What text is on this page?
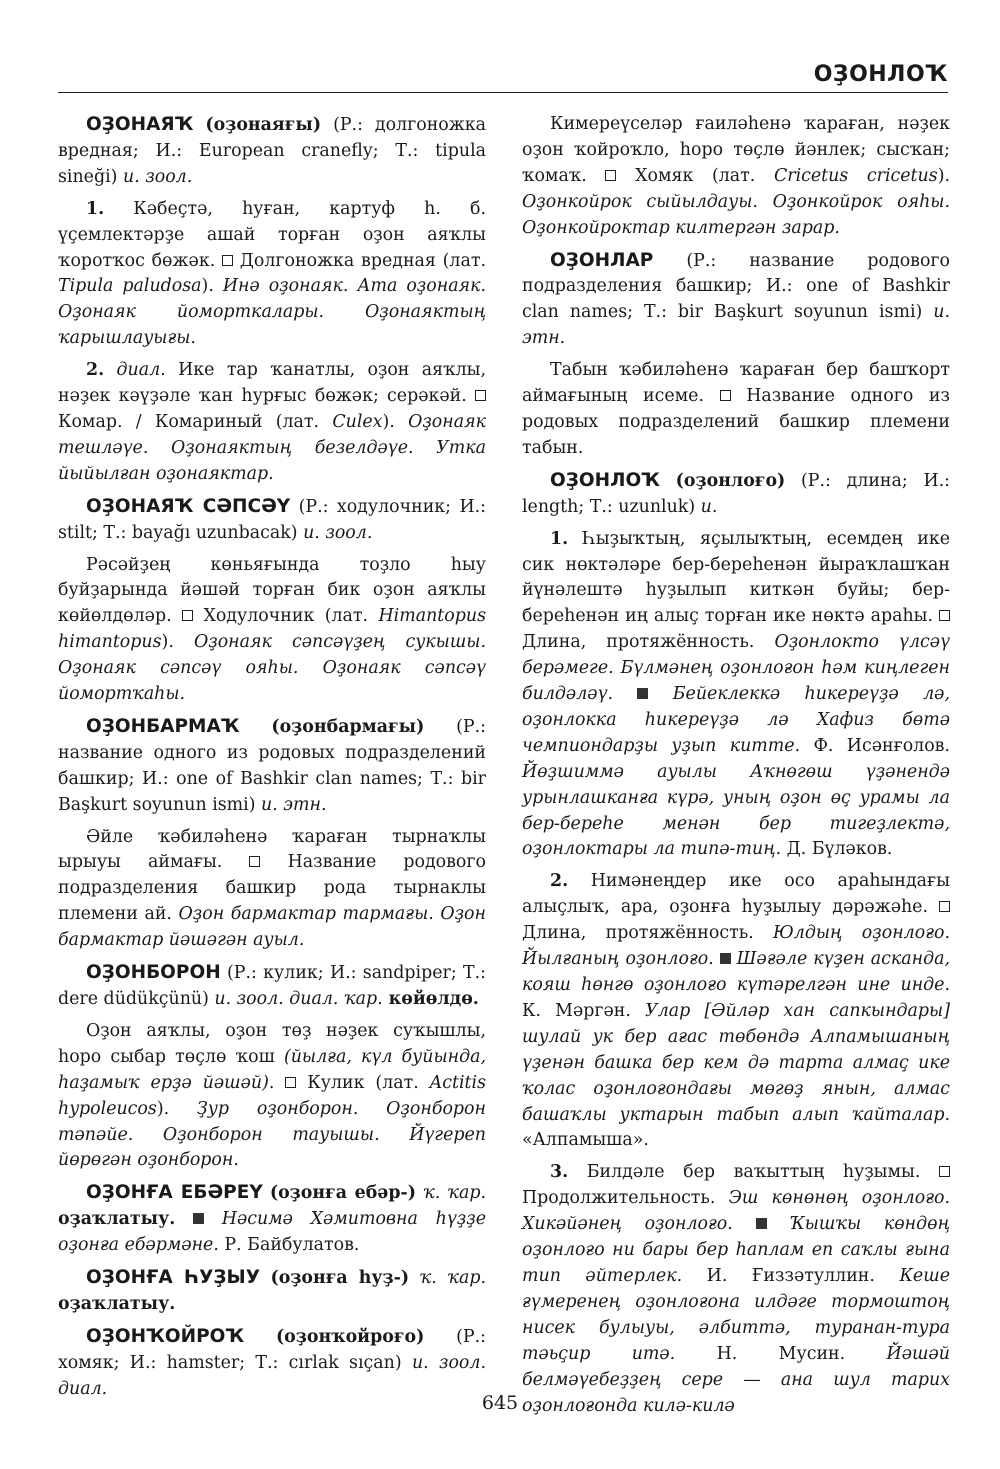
ОҘОНЛОҠ

ОҘОНАЯҠ (оҙонаяғы) (Р.: долгоножка вредная; И.: European cranefly; Т.: tipula sineği) и. зоол.

1. Кәбеҫтә, һуған, картуф һ. б. үҫемлектәрҙе ашай торған оҙон аяҡлы ҡоротҡос бөжәк.  Долгоножка вредная (лат. Tipula paludosa). Инә оҙонаяк. Ата оҙонаяк. Оҙонаяк йоморткалары. Оҙонаяктың ҡарышлауығы.

2. диал. Ике тар ҡанатлы, оҙон аяҡлы, нәҙек кәүҙәле ҡан һурғыс бөжәк; серәкәй.  Комар. / Комариный (лат. Culex). Оҙонаяк тешләүе. Оҙонаяктың безелдәүе. Утка йыйылған оҙонаяктар.

ОҘОНАЯҠ СӘПСӘҮ (Р.: ходулочник; И.: stilt; Т.: bayağı uzunbacak) и. зоол.

Рәсәйҙең көньяғында тоҙло һыу буйҙарында йәшәй торған бик оҙон аяҡлы көйөлдөләр.  Ходулочник (лат. Himantopus himantopus). Оҙонаяк сәпсәүҙең сукышы. Оҙонаяк сәпсәү ояһы. Оҙонаяк сәпсәү йомортҡаһы.

ОҘОНБАРМАҠ (оҙонбармағы) (Р.: название одного из родовых подразделений башкир; И.: one of Bashkir clan names; Т.: bir Başkurt soyunun ismi) и. этн.

Әйле ҡәбиләһенә ҡараған тырнаҡлы ырыуы аймағы.  Название родового подразделения башкир рода тырнаклы племени ай. Оҙон бармактар тармағы. Оҙон бармактар йәшәгән ауыл.

ОҘОНБОРОН (Р.: кулик; И.: sandpiper; Т.: dere düdükçünü) и. зоол. диал. ҡар. көйөлдө.

Оҙон аяҡлы, оҙон төҙ нәҙек суҡышлы, һоро сыбар төҫлө ҡош (йылға, күл буйында, һаҙамыҡ ерҙә йәшәй).  Кулик (лат. Actitis hypoleucos). Ҙур оҙонборон. Оҙонборон тәпәйе. Оҙонборон тауышы. Йүгереп йөрөгән оҙонборон.

ОҘОНҒА ЕБӘРЕҮ (оҙонға ебәр-) ҡ. ҡар. оҙаҡлатыу.  Нәсимә Хәмитовна һүҙҙе оҙонға ебәрмәне. Р. Байбулатов.

ОҘОНҒА ҺУҘЫУ (оҙонға һуҙ-) ҡ. ҡар. оҙаҡлатыу.

ОҘОНҠОЙРОҠ (оҙонҡойроғо) (Р.: хомяк; И.: hamster; Т.: cırlak sıçan) и. зоол. диал.

Кимереүселәр ғаиләһенә ҡараған, нәҙек оҙон ҡойроҡло, һоро төҫлө йәнлек; сысҡан; ҡомаҡ.  Хомяк (лат. Cricetus cricetus). Оҙонкойрок сыйылдауы. Оҙонкойрок ояһы. Оҙонкойроктар килтергән зарар.

ОҘОНЛАР (Р.: название родового подразделения башкир; И.: one of Bashkir clan names; Т.: bir Başkurt soyunun ismi) и. этн.

Табын ҡәбиләһенә ҡараған бер башҡорт аймағының исеме.  Название одного из родовых подразделений башкир племени табын.

ОҘОНЛОҠ (оҙонлоғо) (Р.: длина; И.: length; Т.: uzunluk) и.

1. Һыҙыҡтың, яҫылыҡтың, есемдең ике сик нөктәләре бер-береһенән йыраҡлашҡан йүнәлештә һуҙылып киткән буйы; бер-береһенән иң алыҫ торған ике нөктә араһы.  Длина, протяжённость. Оҙонлокто үлсәү берәмеге. Бүлмәнең оҙонлоғон һәм киңлеген билдәләү.  Бейеклеккә һикереүҙә лә, оҙонлокка һикереүҙә лә Хафиз бөтә чемпиондарҙы уҙып китте. Ф. Исәнғолов. Йөҙшиммә ауылы Аҡнөгөш үҙәнендә урынлашканға күрә, уның оҙон өҫ урамы ла бер-береһе менән бер тигеҙлектә, оҙонлоктары ла типә-тиң. Д. Бүләков.

2. Нимәнеңдер ике осо араһындағы алыҫлыҡ, ара, оҙонға һуҙылыу дәрәжәһе.  Длина, протяжённость. Юлдың оҙонлоғо. Йылғаның оҙонлоғо.  Шәғәле күҙен асканда, кояш һөнгө оҙонлоғо күтәрелгән ине инде. К. Мәргән. Улар [Әйләр хан сапкындары] шулай ук бер ағас төбөндә Алпамышаның үҙенән башка бер кем дә тарта алмаҫ ике ҡолас оҙонлоғондағы мөгөҙ янын, алмас башаҡлы уктарын табып алып ҡайталар. «Алпамыша».

3. Билдәле бер ваҡыттың һуҙымы.  Продолжительность. Эш көнөнөң оҙонлоғо. Хикәйәнең оҙонлоғо.  Ҡышҡы көндөң оҙонлоғо ни бары бер һаплам еп саҡлы ғына тип әйтерлек. И. Ғиззәтуллин. Кеше ғүмеренең оҙонлоғона илдәге тормоштоң нисек булыуы, әлбиттә, туранан-тура тәьҫир итә. Н. Мусин. Йәшәй белмәүебеҙҙең сере — ана шул тарих оҙонлоғонда килә-килә

645
